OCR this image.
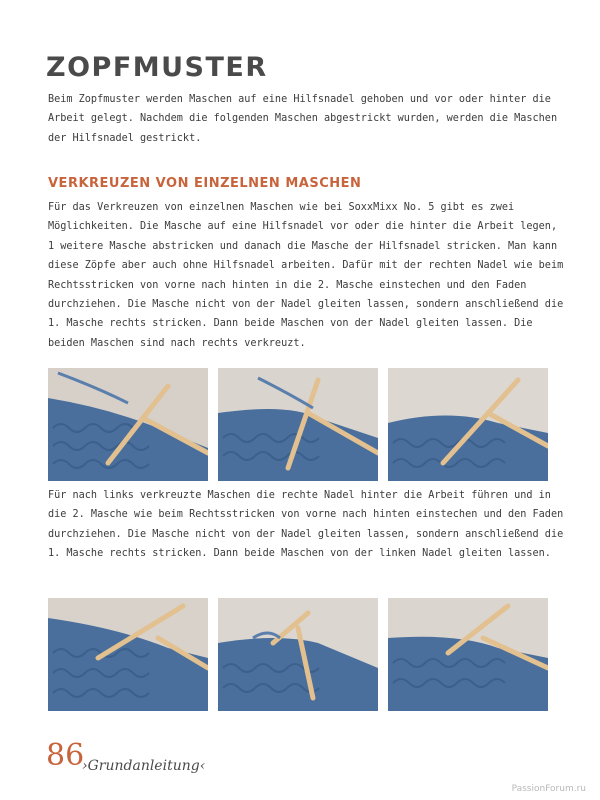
ZOPFMUSTER

Beim Zopfmuster werden Maschen auf eine Hilfsnadel gehoben und vor oder hinter die Arbeit gelegt. Nachdem die folgenden Maschen abgestrickt wurden, werden die Maschen der Hilfsnadel gestrickt.

VERKREUZEN VON EINZELNEN MASCHEN

Für das Verkreuzen von einzelnen Maschen wie bei SoxxMixx No. 5 gibt es zwei Möglichkeiten. Die Masche auf eine Hilfsnadel vor oder die hinter die Arbeit legen, 1 weitere Masche abstricken und danach die Masche der Hilfsnadel stricken. Man kann diese Zöpfe aber auch ohne Hilfsnadel arbeiten. Dafür mit der rechten Nadel wie beim Rechtsstricken von vorne nach hinten in die 2. Masche einstechen und den Faden durchziehen. Die Masche nicht von der Nadel gleiten lassen, sondern anschließend die 1. Masche rechts stricken. Dann beide Maschen von der Nadel gleiten lassen. Die beiden Maschen sind nach rechts verkreuzt.

Für nach links verkreuzte Maschen die rechte Nadel hinter die Arbeit führen und in die 2. Masche wie beim Rechtsstricken von vorne nach hinten einstechen und den Faden durchziehen. Die Masche nicht von der Nadel gleiten lassen, sondern anschließend die 1. Masche rechts stricken. Dann beide Maschen von der linken Nadel gleiten lassen.

86

›Grundanleitung‹

PassionForum.ru
